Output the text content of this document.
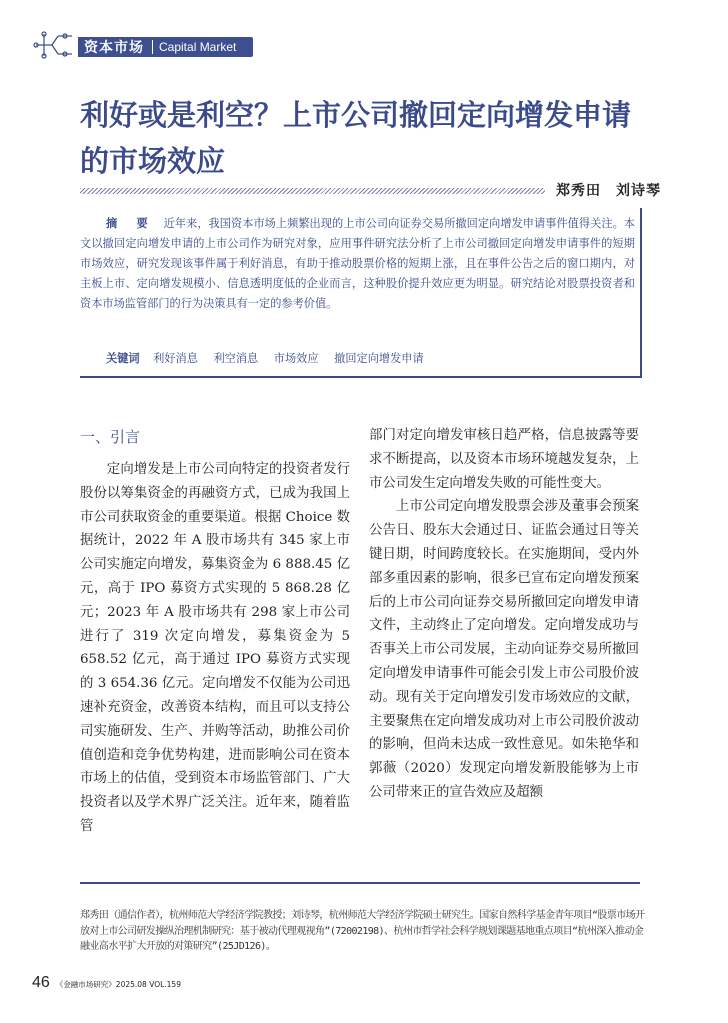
资本市场 Capital Market
利好或是利空？上市公司撤回定向增发申请的市场效应
郑秀田　刘诗琴
摘　要 近年来，我国资本市场上频繁出现的上市公司向证券交易所撤回定向增发申请事件值得关注。本文以撤回定向增发申请的上市公司作为研究对象，应用事件研究法分析了上市公司撤回定向增发申请事件的短期市场效应，研究发现该事件属于利好消息，有助于推动股票价格的短期上涨，且在事件公告之后的窗口期内，对主板上市、定向增发规模小、信息透明度低的企业而言，这种股价提升效应更为明显。研究结论对股票投资者和资本市场监管部门的行为决策具有一定的参考价值。
关键词 利好消息 利空消息 市场效应 撤回定向增发申请
一、引言

定向增发是上市公司向特定的投资者发行股份以筹集资金的再融资方式，已成为我国上市公司获取资金的重要渠道。根据 Choice 数据统计，2022 年 A 股市场共有 345 家上市公司实施定向增发，募集资金为 6 888.45 亿元，高于 IPO 募资方式实现的 5 868.28 亿元；2023 年 A 股市场共有 298 家上市公司进行了 319 次定向增发，募集资金为 5 658.52 亿元，高于通过 IPO 募资方式实现的 3 654.36 亿元。定向增发不仅能为公司迅速补充资金，改善资本结构，而且可以支持公司实施研发、生产、并购等活动，助推公司价值创造和竞争优势构建，进而影响公司在资本市场上的估值，受到资本市场监管部门、广大投资者以及学术界广泛关注。近年来，随着监管

部门对定向增发审核日趋严格，信息披露等要求不断提高，以及资本市场环境越发复杂，上市公司发生定向增发失败的可能性变大。

上市公司定向增发股票会涉及董事会预案公告日、股东大会通过日、证监会通过日等关键日期，时间跨度较长。在实施期间，受内外部多重因素的影响，很多已宣布定向增发预案后的上市公司向证券交易所撤回定向增发申请文件，主动终止了定向增发。定向增发成功与否事关上市公司发展，主动向证券交易所撤回定向增发申请事件可能会引发上市公司股价波动。现有关于定向增发引发市场效应的文献，主要聚焦在定向增发成功对上市公司股价波动的影响，但尚未达成一致性意见。如朱艳华和郭薇（2020）发现定向增发新股能够为上市公司带来正的宣告效应及超额

郑秀田（通信作者），杭州师范大学经济学院教授；刘诗琴，杭州师范大学经济学院硕士研究生。国家自然科学基金青年项目“股票市场开放对上市公司研发操纵治理机制研究：基于被动代理观视角”(72002198)、杭州市哲学社会科学规划课题基地重点项目“杭州深入推动金融业高水平扩大开放的对策研究”(25JD126)。
46 《金融市场研究》2025.08 VOL.159
